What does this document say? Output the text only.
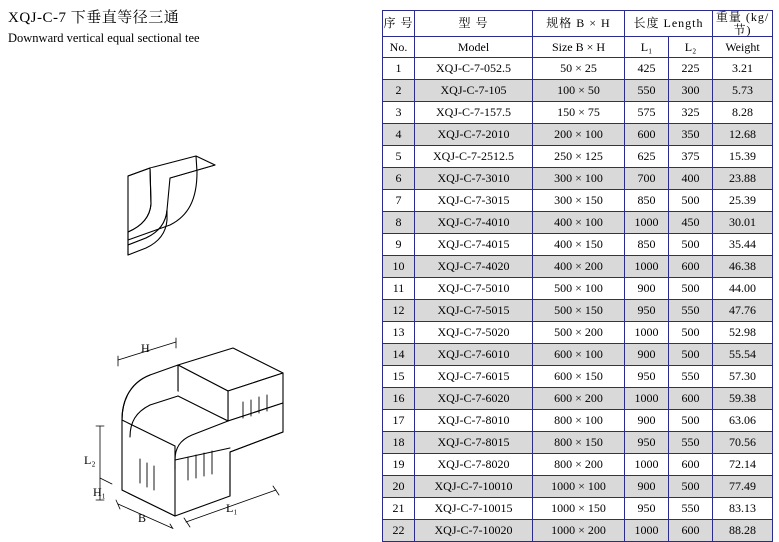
XQJ-C-7 下垂直等径三通
Downward vertical equal sectional tee
H
L₂
L₁
B
H₁
序 号	型 号	规格 B × H	长度 Length		重量 (kg/ 节)
No.	Model	Size B × H	L₁	L₂	Weight
1	XQJ-C-7-052.5	50 × 25	425	225	3.21
2	XQJ-C-7-105	100 × 50	550	300	5.73
3	XQJ-C-7-157.5	150 × 75	575	325	8.28
4	XQJ-C-7-2010	200 × 100	600	350	12.68
5	XQJ-C-7-2512.5	250 × 125	625	375	15.39
6	XQJ-C-7-3010	300 × 100	700	400	23.88
7	XQJ-C-7-3015	300 × 150	850	500	25.39
8	XQJ-C-7-4010	400 × 100	1000	450	30.01
9	XQJ-C-7-4015	400 × 150	850	500	35.44
10	XQJ-C-7-4020	400 × 200	1000	600	46.38
11	XQJ-C-7-5010	500 × 100	900	500	44.00
12	XQJ-C-7-5015	500 × 150	950	550	47.76
13	XQJ-C-7-5020	500 × 200	1000	500	52.98
14	XQJ-C-7-6010	600 × 100	900	500	55.54
15	XQJ-C-7-6015	600 × 150	950	550	57.30
16	XQJ-C-7-6020	600 × 200	1000	600	59.38
17	XQJ-C-7-8010	800 × 100	900	500	63.06
18	XQJ-C-7-8015	800 × 150	950	550	70.56
19	XQJ-C-7-8020	800 × 200	1000	600	72.14
20	XQJ-C-7-10010	1000 × 100	900	500	77.49
21	XQJ-C-7-10015	1000 × 150	950	550	83.13
22	XQJ-C-7-10020	1000 × 200	1000	600	88.28
